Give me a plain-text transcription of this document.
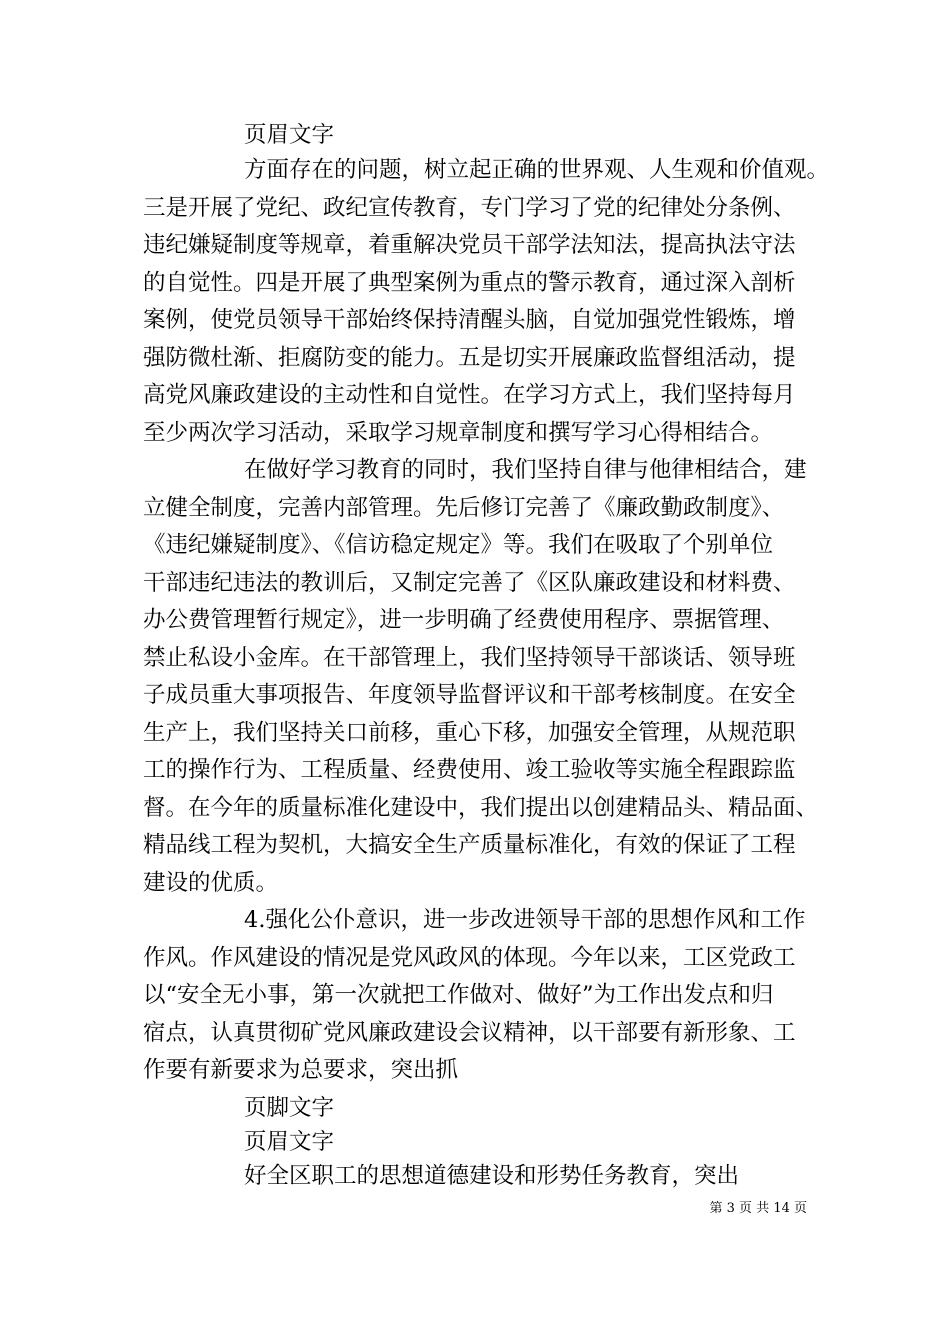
页眉文字
方面存在的问题，树立起正确的世界观、人生观和价值观。
三是开展了党纪、政纪宣传教育，专门学习了党的纪律处分条例、
违纪嫌疑制度等规章，着重解决党员干部学法知法，提高执法守法
的自觉性。四是开展了典型案例为重点的警示教育，通过深入剖析
案例，使党员领导干部始终保持清醒头脑，自觉加强党性锻炼，增
强防微杜渐、拒腐防变的能力。五是切实开展廉政监督组活动，提
高党风廉政建设的主动性和自觉性。在学习方式上，我们坚持每月
至少两次学习活动，采取学习规章制度和撰写学习心得相结合。
在做好学习教育的同时，我们坚持自律与他律相结合，建
立健全制度，完善内部管理。先后修订完善了《廉政勤政制度》、
《违纪嫌疑制度》、《信访稳定规定》等。我们在吸取了个别单位
干部违纪违法的教训后，又制定完善了《区队廉政建设和材料费、
办公费管理暂行规定》，进一步明确了经费使用程序、票据管理、
禁止私设小金库。在干部管理上，我们坚持领导干部谈话、领导班
子成员重大事项报告、年度领导监督评议和干部考核制度。在安全
生产上，我们坚持关口前移，重心下移，加强安全管理，从规范职
工的操作行为、工程质量、经费使用、竣工验收等实施全程跟踪监
督。在今年的质量标准化建设中，我们提出以创建精品头、精品面、
精品线工程为契机，大搞安全生产质量标准化，有效的保证了工程
建设的优质。
4.强化公仆意识，进一步改进领导干部的思想作风和工作
作风。作风建设的情况是党风政风的体现。今年以来，工区党政工
以“安全无小事，第一次就把工作做对、做好”为工作出发点和归
宿点，认真贯彻矿党风廉政建设会议精神，以干部要有新形象、工
作要有新要求为总要求，突出抓
页脚文字
页眉文字
好全区职工的思想道德建设和形势任务教育，突出
第 3 页 共 14 页
